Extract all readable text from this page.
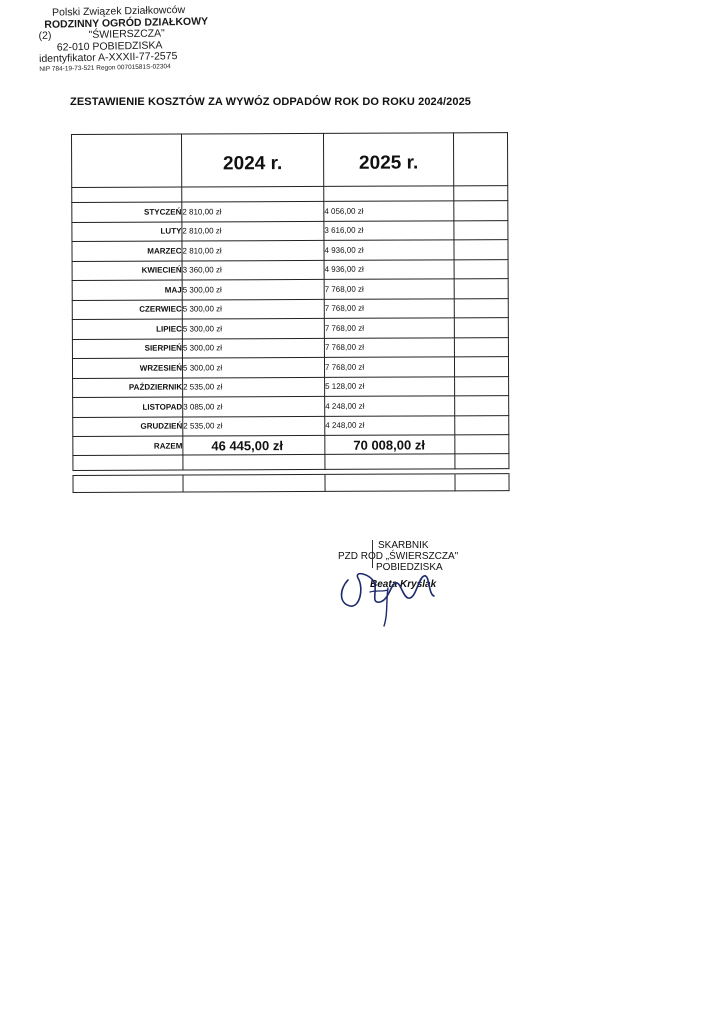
Polski Związek Działkowców
RODZINNY OGRÓD DZIAŁKOWY
(2)	"ŚWIERSZCZA"
62-010 POBIEDZISKA
identyfikator A-XXXII-77-2575
NIP 784-19-73-521 Regon 00701581S-02304
ZESTAWIENIE KOSZTÓW ZA WYWÓZ ODPADÓW ROK DO ROKU 2024/2025
	2024 r.	2025 r.	

STYCZEŃ	2 810,00 zł	4 056,00 zł	
LUTY	2 810,00 zł	3 616,00 zł	
MARZEC	2 810,00 zł	4 936,00 zł	
KWIECIEŃ	3 360,00 zł	4 936,00 zł	
MAJ	5 300,00 zł	7 768,00 zł	
CZERWIEC	5 300,00 zł	7 768,00 zł	
LIPIEC	5 300,00 zł	7 768,00 zł	
SIERPIEŃ	5 300,00 zł	7 768,00 zł	
WRZESIEŃ	5 300,00 zł	7 768,00 zł	
PAŹDZIERNIK	2 535,00 zł	5 128,00 zł	
LISTOPAD	3 085,00 zł	4 248,00 zł	
GRUDZIEŃ	2 535,00 zł	4 248,00 zł	
RAZEM	46 445,00 zł	70 008,00 zł	

SKARBNIK
PZD ROD „ŚWIERSZCZA"
POBIEDZISKA
Beata Kryślak
